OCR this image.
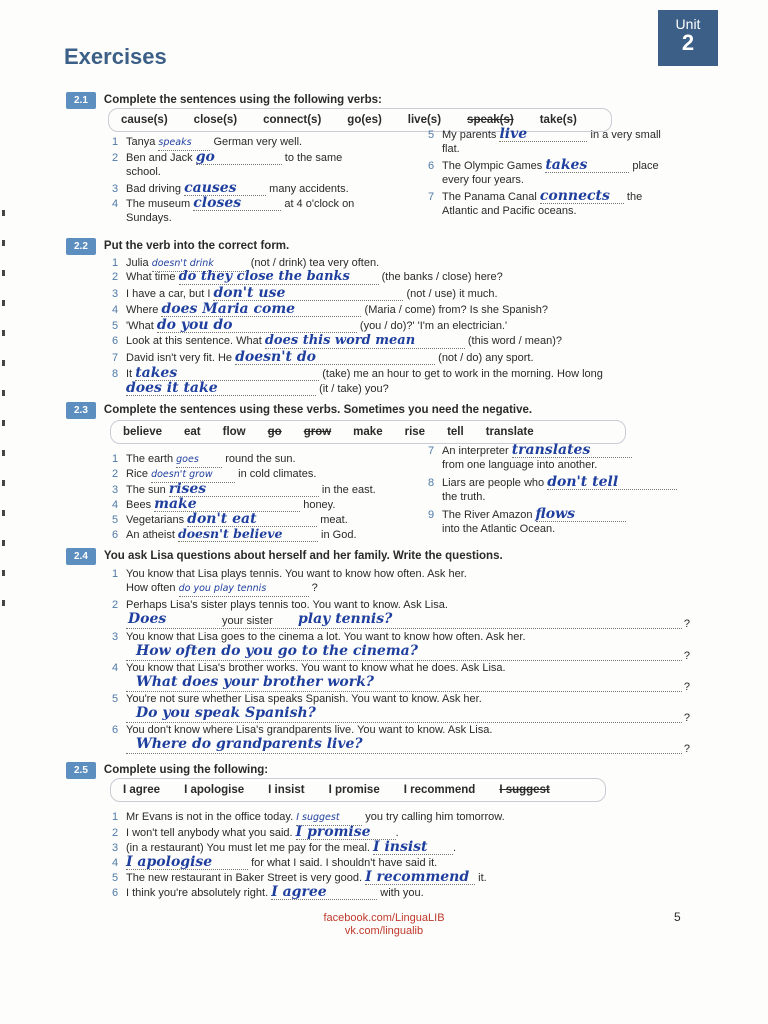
Unit
2
Exercises
2.1 Complete the sentences using the following verbs:
cause(s) close(s) connect(s) go(es) live(s) speak(s) take(s)
1 Tanya speaks German very well.
2 Ben and Jack go	to the same
school.
3 Bad driving causes	many accidents.
4 The museum closes	at 4 o'clock on
Sundays.
5 My parents live	in a very small
flat.
6 The Olympic Games takes	place
every four years.
7 The Panama Canal connects the
Atlantic and Pacific oceans.
2.2 Put the verb into the correct form.
1 Julia doesn't drink	(not / drink) tea very often.
2 What time do they close the banks	(the banks / close) here?
3 I have a car, but I don't use	(not / use) it much.
4 Where does Maria come	(Maria / come) from? Is she Spanish?
5 'What do you do	(you / do)?' 'I'm an electrician.'
6 Look at this sentence. What does this word mean	(this word / mean)?
7 David isn't very fit. He doesn't do	(not / do) any sport.
8 It takes	(take) me an hour to get to work in the morning. How long
does it take	(it / take) you?
2.3 Complete the sentences using these verbs. Sometimes you need the negative.
believe eat flow go grow make rise tell translate
1 The earth goes round the sun.
2 Rice doesn't grow in cold climates.
3 The sun rises	in the east.
4 Bees make	honey.
5 Vegetarians don't eat	meat.
6 An atheist doesn't believe	in God.
7 An interpreter translates
from one language into another.
8 Liars are people who don't tell
the truth.
9 The River Amazon flows
into the Atlantic Ocean.
2.4 You ask Lisa questions about herself and her family. Write the questions.
1 You know that Lisa plays tennis. You want to know how often. Ask her.
How often do you play tennis	?
2 Perhaps Lisa's sister plays tennis too. You want to know. Ask Lisa.
Does	your sister play tennis?	?
3 You know that Lisa goes to the cinema a lot. You want to know how often. Ask her.
How often do you go to the cinema?	?
4 You know that Lisa's brother works. You want to know what he does. Ask Lisa.
What does your brother work?	?
5 You're not sure whether Lisa speaks Spanish. You want to know. Ask her.
Do you speak Spanish?	?
6 You don't know where Lisa's grandparents live. You want to know. Ask Lisa.
Where do grandparents live?	?
2.5 Complete using the following:
I agree I apologise I insist I promise I recommend I suggest
1 Mr Evans is not in the office today. I suggest you try calling him tomorrow.
2 I won't tell anybody what you said. I promise .
3 (in a restaurant) You must let me pay for the meal. I insist .
4 I apologise	for what I said. I shouldn't have said it.
5 The new restaurant in Baker Street is very good. I recommend it.
6 I think you're absolutely right. I agree	with you.
facebook.com/LinguaLIB
vk.com/lingualib
5
